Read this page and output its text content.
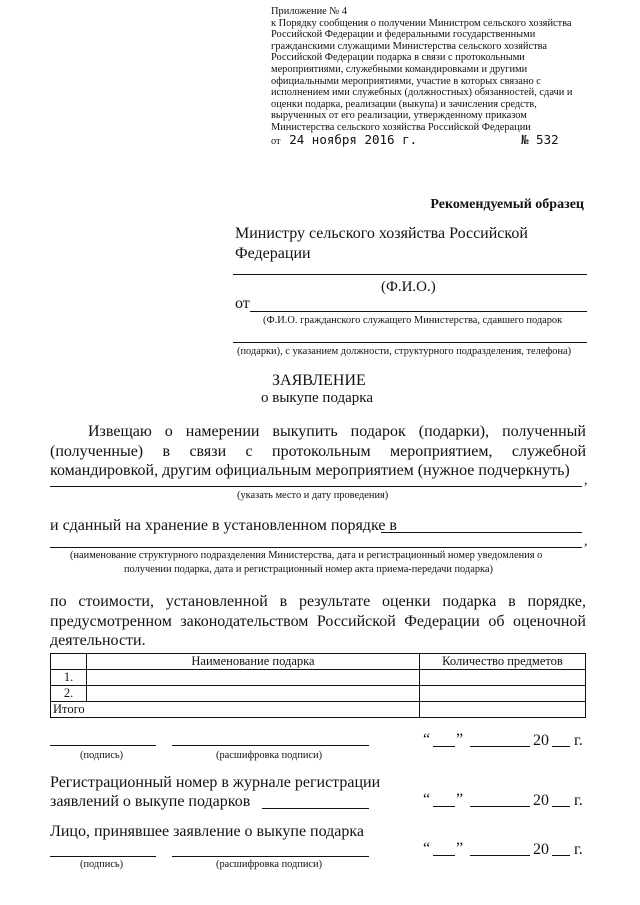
Приложение № 4
к Порядку сообщения о получении Министром сельского хозяйства
Российской Федерации и федеральными государственными
гражданскими служащими Министерства сельского хозяйства
Российской Федерации подарка в связи с протокольными
мероприятиями, служебными командировками и другими
официальными мероприятиями, участие в которых связано с
исполнением ими служебных (должностных) обязанностей, сдачи и
оценки подарка, реализации (выкупа) и зачисления средств,
вырученных от его реализации, утвержденному приказом
Министерства сельского хозяйства Российской Федерации
от 24 ноября 2016 г.	№ 532
Рекомендуемый образец
Министру сельского хозяйства Российской Федерации
(Ф.И.О.)
от
(Ф.И.О. гражданского служащего Министерства, сдавшего подарок
(подарки), с указанием должности, структурного подразделения, телефона)
ЗАЯВЛЕНИЕ
о выкупе подарка
Извещаю о намерении выкупить подарок (подарки), полученный (полученные) в связи с протокольным мероприятием, служебной командировкой, другим официальным мероприятием (нужное подчеркнуть)
,
(указать место и дату проведения)
и сданный на хранение в установленном порядке в
,
(наименование структурного подразделения Министерства, дата и регистрационный номер уведомления о
получении подарка, дата и регистрационный номер акта приема-передачи подарка)
по стоимости, установленной в результате оценки подарка в порядке, предусмотренном законодательством Российской Федерации об оценочной деятельности.
	Наименование подарка	Количество предметов
1.		
2.		
Итого		
(подпись)	(расшифровка подписи)
“ ”	20 г.
Регистрационный номер в журнале регистрации
заявлений о выкупе подарков	“ ”	20 г.
Лицо, принявшее заявление о выкупе подарка
(подпись)	(расшифровка подписи)
“ ”	20 г.
